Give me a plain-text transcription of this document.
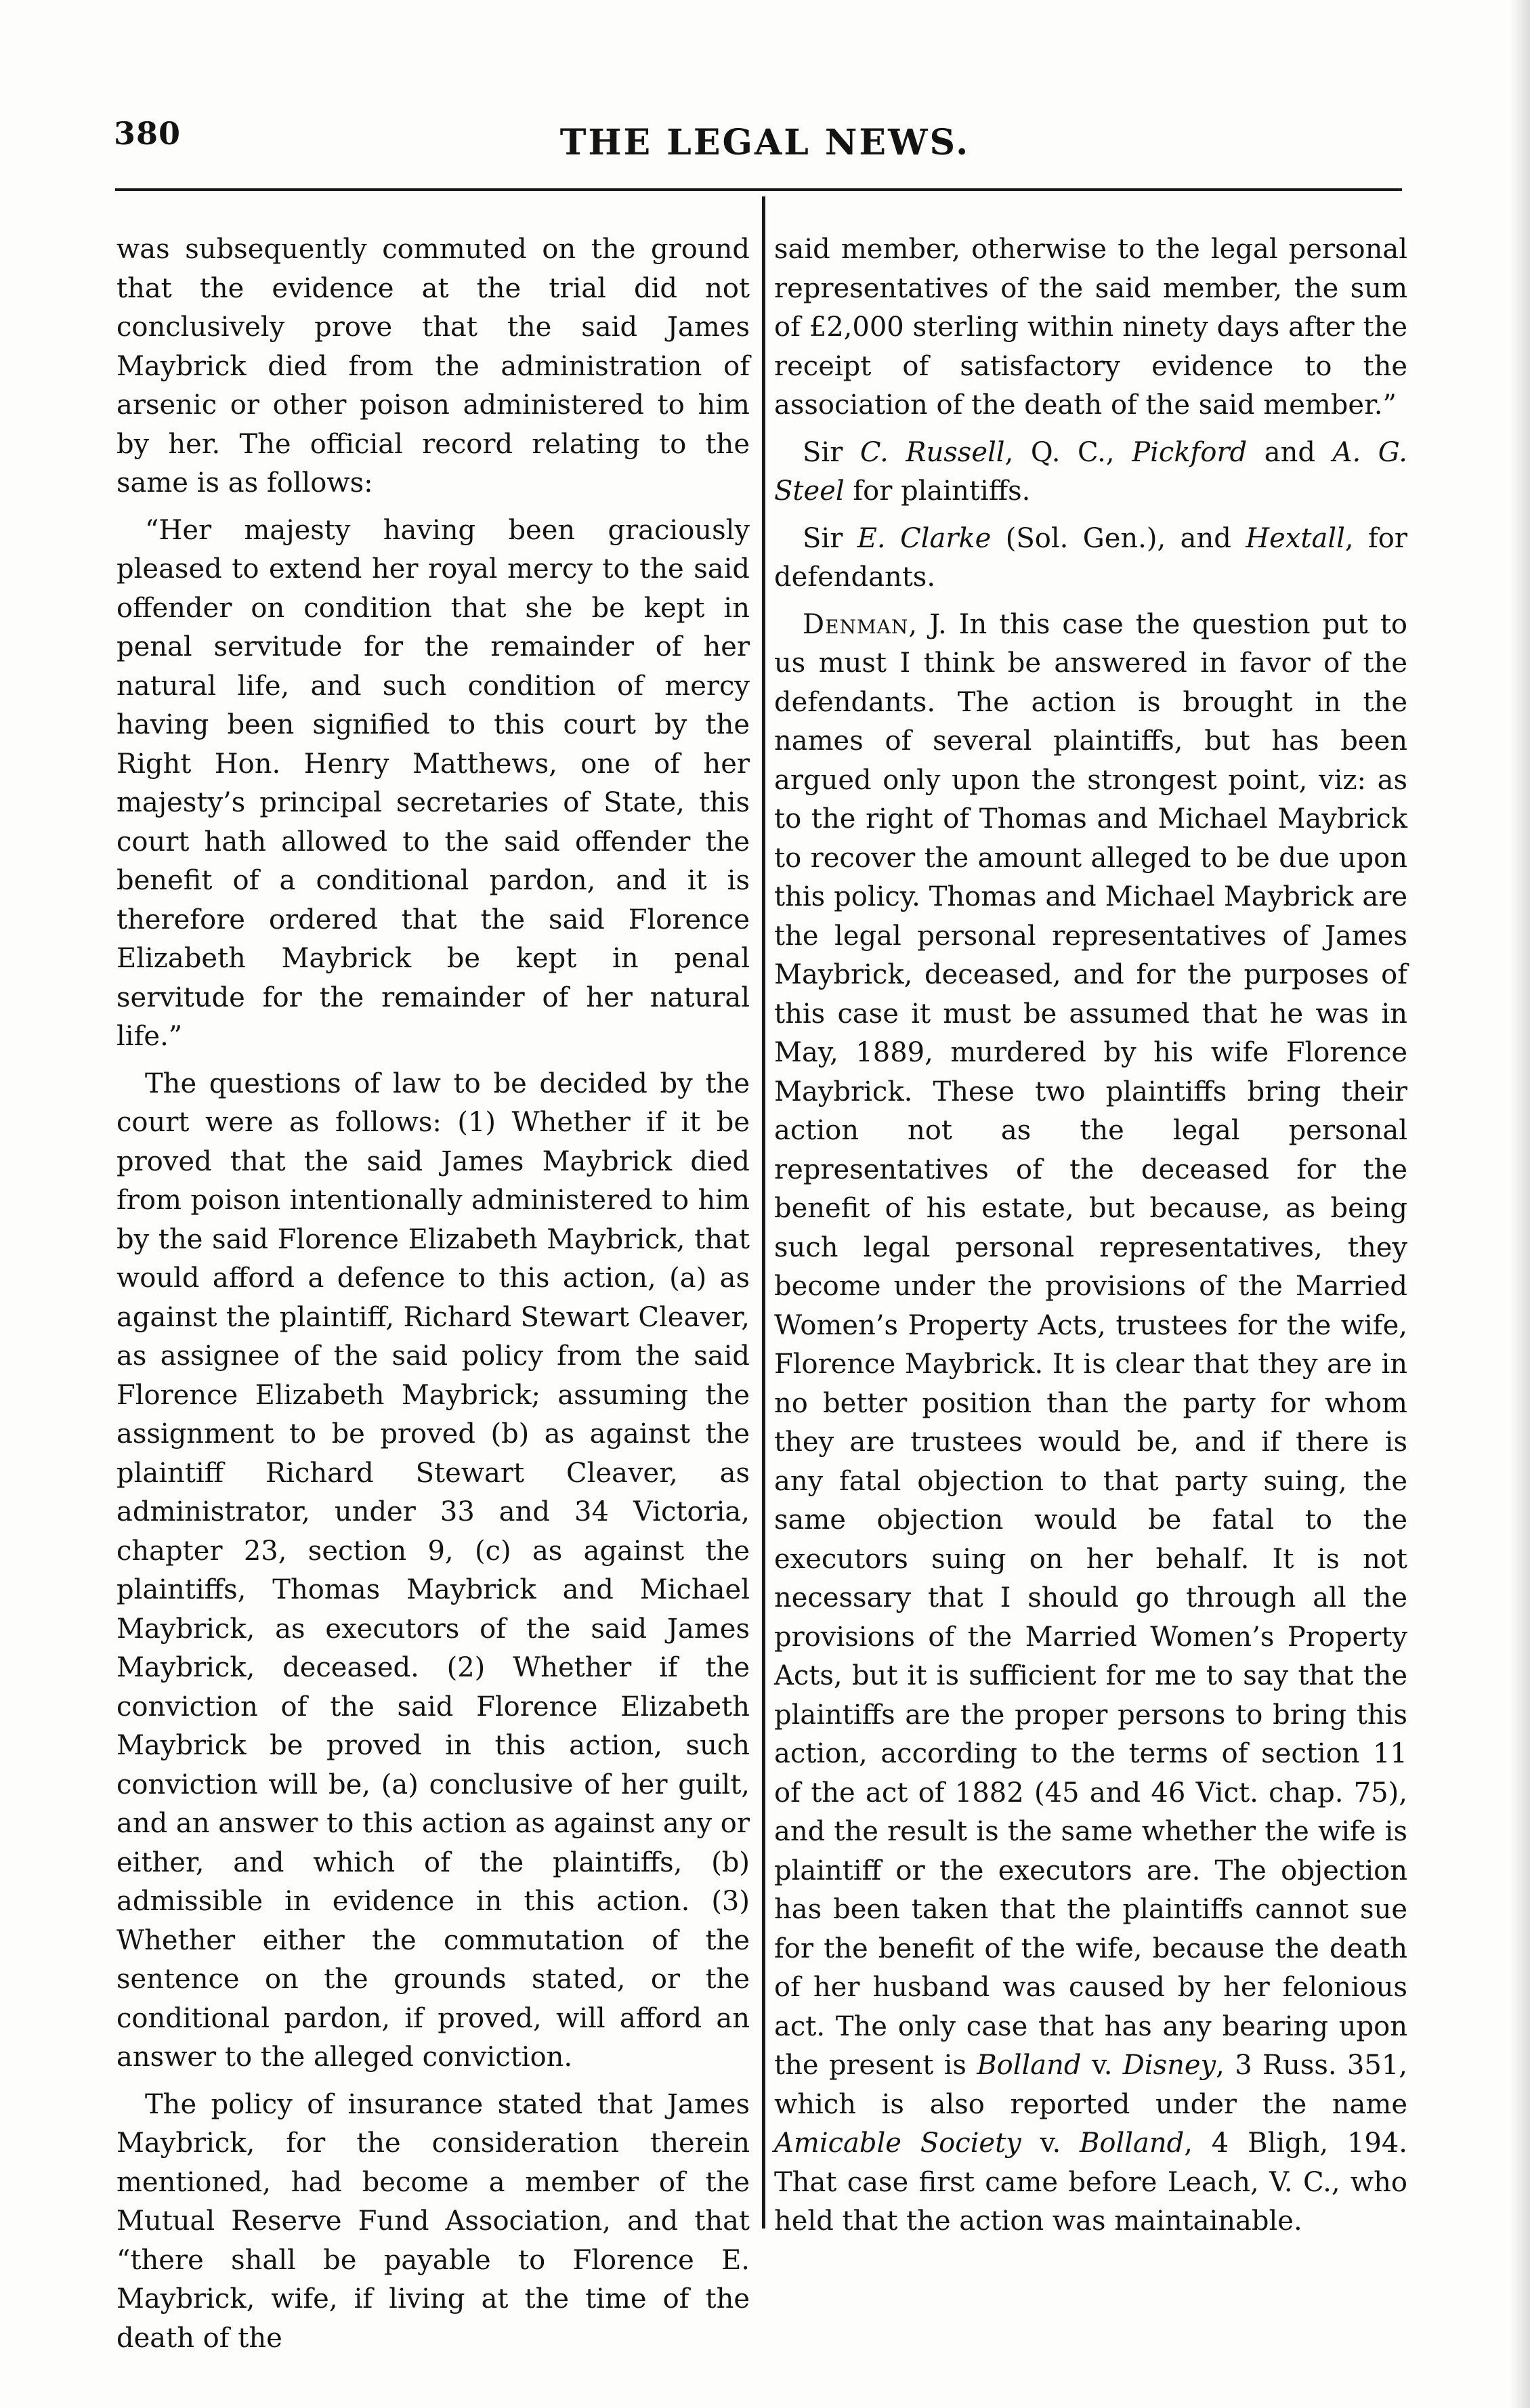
380	THE LEGAL NEWS.

was subsequently commuted on the ground that the evidence at the trial did not conclusively prove that the said James Maybrick died from the administration of arsenic or other poison administered to him by her. The official record relating to the same is as follows:

“Her majesty having been graciously pleased to extend her royal mercy to the said offender on condition that she be kept in penal servitude for the remainder of her natural life, and such condition of mercy having been signified to this court by the Right Hon. Henry Matthews, one of her majesty’s principal secretaries of State, this court hath allowed to the said offender the benefit of a conditional pardon, and it is therefore ordered that the said Florence Elizabeth Maybrick be kept in penal servitude for the remainder of her natural life.”

The questions of law to be decided by the court were as follows: (1) Whether if it be proved that the said James Maybrick died from poison intentionally administered to him by the said Florence Elizabeth Maybrick, that would afford a defence to this action, (a) as against the plaintiff, Richard Stewart Cleaver, as assignee of the said policy from the said Florence Elizabeth Maybrick; assuming the assignment to be proved (b) as against the plaintiff Richard Stewart Cleaver, as administrator, under 33 and 34 Victoria, chapter 23, section 9, (c) as against the plaintiffs, Thomas Maybrick and Michael Maybrick, as executors of the said James Maybrick, deceased. (2) Whether if the conviction of the said Florence Elizabeth Maybrick be proved in this action, such conviction will be, (a) conclusive of her guilt, and an answer to this action as against any or either, and which of the plaintiffs, (b) admissible in evidence in this action. (3) Whether either the commutation of the sentence on the grounds stated, or the conditional pardon, if proved, will afford an answer to the alleged conviction.

The policy of insurance stated that James Maybrick, for the consideration therein mentioned, had become a member of the Mutual Reserve Fund Association, and that “there shall be payable to Florence E. Maybrick, wife, if living at the time of the death of the

said member, otherwise to the legal personal representatives of the said member, the sum of £2,000 sterling within ninety days after the receipt of satisfactory evidence to the association of the death of the said member.”

Sir C. Russell, Q. C., Pickford and A. G. Steel for plaintiffs.

Sir E. Clarke (Sol. Gen.), and Hextall, for defendants.

Denman, J. In this case the question put to us must I think be answered in favor of the defendants. The action is brought in the names of several plaintiffs, but has been argued only upon the strongest point, viz: as to the right of Thomas and Michael Maybrick to recover the amount alleged to be due upon this policy. Thomas and Michael Maybrick are the legal personal representatives of James Maybrick, deceased, and for the purposes of this case it must be assumed that he was in May, 1889, murdered by his wife Florence Maybrick. These two plaintiffs bring their action not as the legal personal representatives of the deceased for the benefit of his estate, but because, as being such legal personal representatives, they become under the provisions of the Married Women’s Property Acts, trustees for the wife, Florence Maybrick. It is clear that they are in no better position than the party for whom they are trustees would be, and if there is any fatal objection to that party suing, the same objection would be fatal to the executors suing on her behalf. It is not necessary that I should go through all the provisions of the Married Women’s Property Acts, but it is sufficient for me to say that the plaintiffs are the proper persons to bring this action, according to the terms of section 11 of the act of 1882 (45 and 46 Vict. chap. 75), and the result is the same whether the wife is plaintiff or the executors are. The objection has been taken that the plaintiffs cannot sue for the benefit of the wife, because the death of her husband was caused by her felonious act. The only case that has any bearing upon the present is Bolland v. Disney, 3 Russ. 351, which is also reported under the name Amicable Society v. Bolland, 4 Bligh, 194. That case first came before Leach, V. C., who held that the action was maintainable.
